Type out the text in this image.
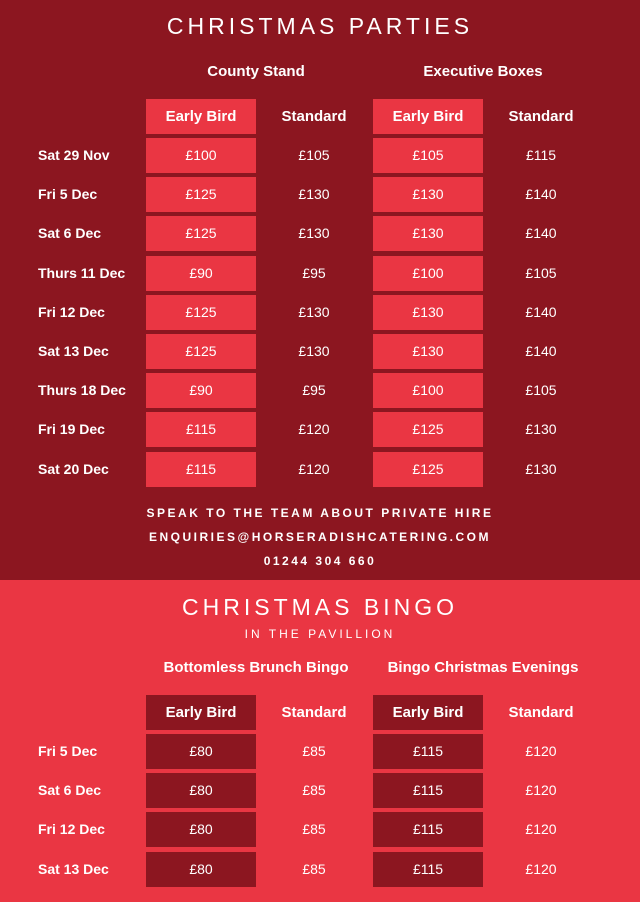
CHRISTMAS PARTIES
County Stand	Executive Boxes
Early Bird	Standard	Early Bird	Standard
Sat 29 Nov	£100	£105	£105	£115
Fri 5 Dec	£125	£130	£130	£140
Sat 6 Dec	£125	£130	£130	£140
Thurs 11 Dec	£90	£95	£100	£105
Fri 12 Dec	£125	£130	£130	£140
Sat 13 Dec	£125	£130	£130	£140
Thurs 18 Dec	£90	£95	£100	£105
Fri 19 Dec	£115	£120	£125	£130
Sat 20 Dec	£115	£120	£125	£130
SPEAK TO THE TEAM ABOUT PRIVATE HIRE
ENQUIRIES@HORSERADISHCATERING.COM
01244 304 660
CHRISTMAS BINGO
IN THE PAVILLION
Bottomless Brunch Bingo	Bingo Christmas Evenings
Early Bird	Standard	Early Bird	Standard
Fri 5 Dec	£80	£85	£115	£120
Sat 6 Dec	£80	£85	£115	£120
Fri 12 Dec	£80	£85	£115	£120
Sat 13 Dec	£80	£85	£115	£120
